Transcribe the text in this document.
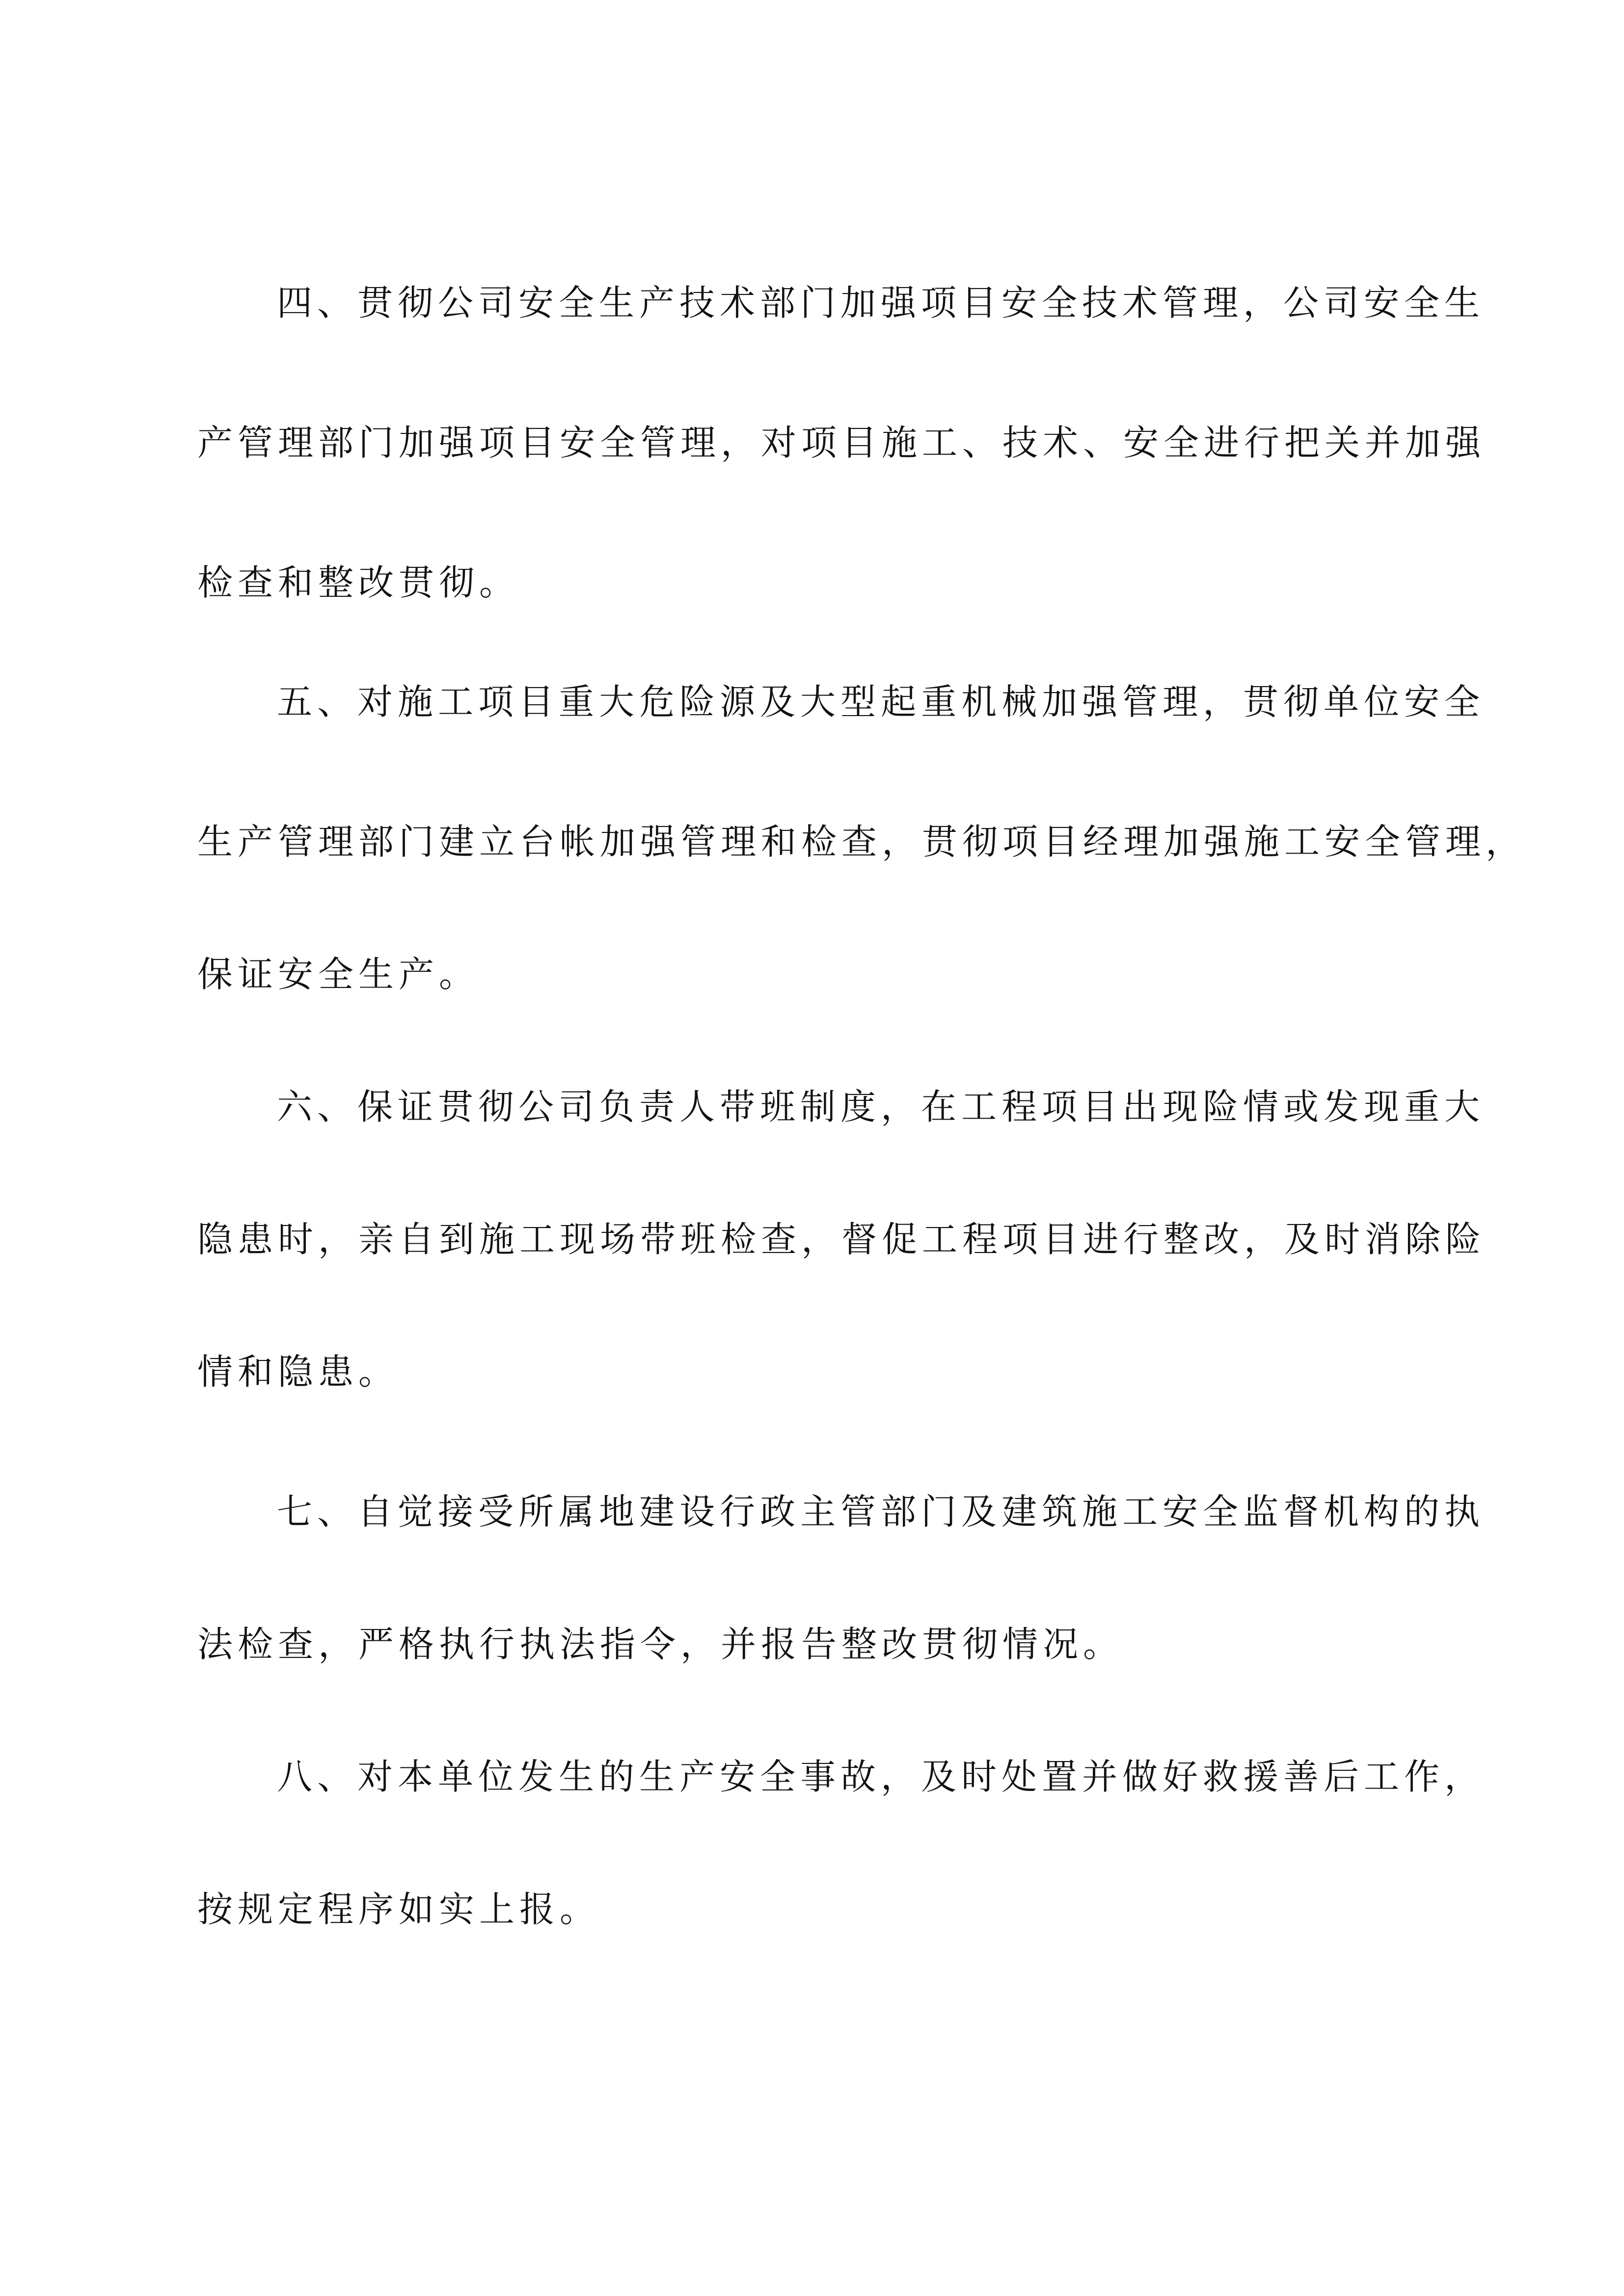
四、贯彻公司安全生产技术部门加强项目安全技术管理，公司安全生
产管理部门加强项目安全管理，对项目施工、技术、安全进行把关并加强
检查和整改贯彻。
五、对施工项目重大危险源及大型起重机械加强管理，贯彻单位安全
生产管理部门建立台帐加强管理和检查，贯彻项目经理加强施工安全管理，
保证安全生产。
六、保证贯彻公司负责人带班制度，在工程项目出现险情或发现重大
隐患时，亲自到施工现场带班检查，督促工程项目进行整改，及时消除险
情和隐患。
七、自觉接受所属地建设行政主管部门及建筑施工安全监督机构的执
法检查，严格执行执法指令，并报告整改贯彻情况。
八、对本单位发生的生产安全事故，及时处置并做好救援善后工作，
按规定程序如实上报。
